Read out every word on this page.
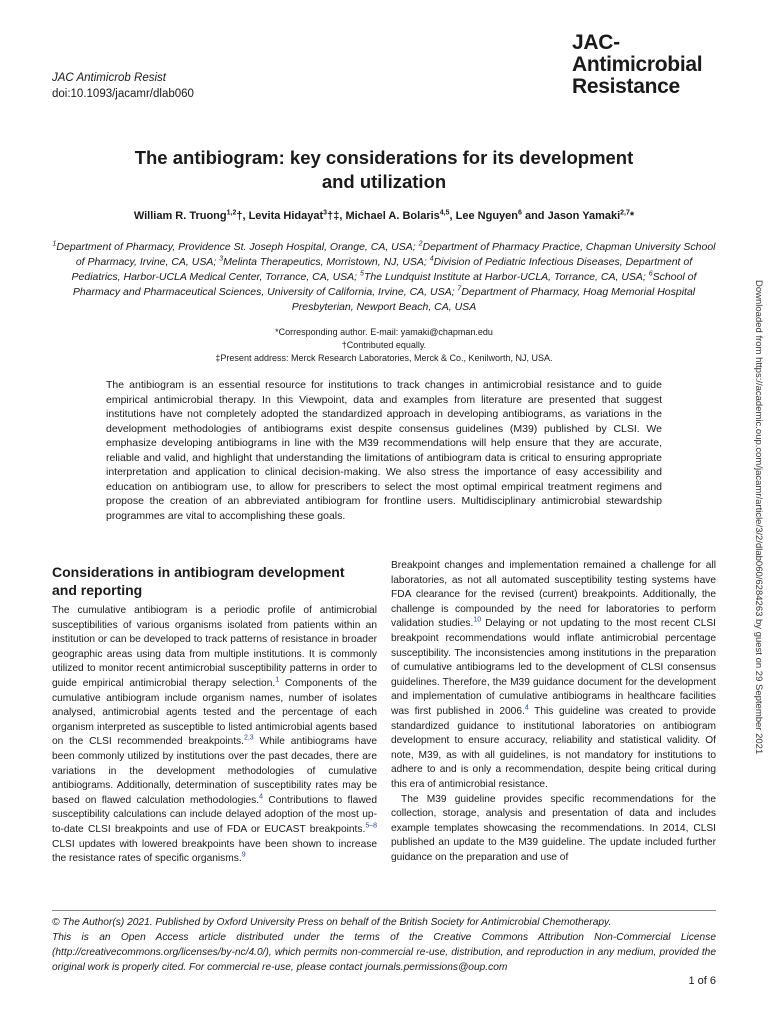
JAC Antimicrob Resist
doi:10.1093/jacamr/dlab060
JAC-
Antimicrobial
Resistance
Downloaded from https://academic.oup.com/jacamr/article/3/2/dlab060/6284263 by guest on 29 September 2021
The antibiogram: key considerations for its development
and utilization
William R. Truong$^{1,2}$†, Levita Hidayat$^3$†‡, Michael A. Bolaris$^{4,5}$, Lee Nguyen$^6$ and Jason Yamaki$^{2,7}$*
$^1$Department of Pharmacy, Providence St. Joseph Hospital, Orange, CA, USA; $^2$Department of Pharmacy Practice, Chapman University School of Pharmacy, Irvine, CA, USA; $^3$Melinta Therapeutics, Morristown, NJ, USA; $^4$Division of Pediatric Infectious Diseases, Department of Pediatrics, Harbor-UCLA Medical Center, Torrance, CA, USA; $^5$The Lundquist Institute at Harbor-UCLA, Torrance, CA, USA; $^6$School of Pharmacy and Pharmaceutical Sciences, University of California, Irvine, CA, USA; $^7$Department of Pharmacy, Hoag Memorial Hospital Presbyterian, Newport Beach, CA, USA
*Corresponding author. E-mail: yamaki@chapman.edu
†Contributed equally.
‡Present address: Merck Research Laboratories, Merck & Co., Kenilworth, NJ, USA.
The antibiogram is an essential resource for institutions to track changes in antimicrobial resistance and to guide empirical antimicrobial therapy. In this Viewpoint, data and examples from literature are presented that suggest institutions have not completely adopted the standardized approach in developing antibiograms, as variations in the development methodologies of antibiograms exist despite consensus guidelines (M39) published by CLSI. We emphasize developing antibiograms in line with the M39 recommendations will help ensure that they are accurate, reliable and valid, and highlight that understanding the limitations of antibiogram data is critical to ensuring appropriate interpretation and application to clinical decision-making. We also stress the importance of easy accessibility and education on antibiogram use, to allow for prescribers to select the most optimal empirical treatment regimens and propose the creation of an abbreviated antibiogram for frontline users. Multidisciplinary antimicrobial stewardship programmes are vital to accomplishing these goals.
Considerations in antibiogram development and reporting

The cumulative antibiogram is a periodic profile of antimicrobial susceptibilities of various organisms isolated from patients within an institution or can be developed to track patterns of resistance in broader geographic areas using data from multiple institutions. It is commonly utilized to monitor recent antimicrobial susceptibility patterns in order to guide empirical antimicrobial therapy selection.$^1$ Components of the cumulative antibiogram include organism names, number of isolates analysed, antimicrobial agents tested and the percentage of each organism interpreted as susceptible to listed antimicrobial agents based on the CLSI recommended breakpoints.$^{2,3}$ While antibiograms have been commonly utilized by institutions over the past decades, there are variations in the development methodologies of cumulative antibiograms. Additionally, determination of susceptibility rates may be based on flawed calculation methodologies.$^4$ Contributions to flawed susceptibility calculations can include delayed adoption of the most up-to-date CLSI breakpoints and use of FDA or EUCAST breakpoints.$^{5-8}$ CLSI updates with lowered breakpoints have been shown to increase the resistance rates of specific organisms.$^9$

Breakpoint changes and implementation remained a challenge for all laboratories, as not all automated susceptibility testing systems have FDA clearance for the revised (current) breakpoints. Additionally, the challenge is compounded by the need for laboratories to perform validation studies.$^{10}$ Delaying or not updating to the most recent CLSI breakpoint recommendations would inflate antimicrobial percentage susceptibility. The inconsistencies among institutions in the preparation of cumulative antibiograms led to the development of CLSI consensus guidelines. Therefore, the M39 guidance document for the development and implementation of cumulative antibiograms in healthcare facilities was first published in 2006.$^4$ This guideline was created to provide standardized guidance to institutional laboratories on antibiogram development to ensure accuracy, reliability and statistical validity. Of note, M39, as with all guidelines, is not mandatory for institutions to adhere to and is only a recommendation, despite being critical during this era of antimicrobial resistance.

The M39 guideline provides specific recommendations for the collection, storage, analysis and presentation of data and includes example templates showcasing the recommendations. In 2014, CLSI published an update to the M39 guideline. The update included further guidance on the preparation and use of

© The Author(s) 2021. Published by Oxford University Press on behalf of the British Society for Antimicrobial Chemotherapy.
This is an Open Access article distributed under the terms of the Creative Commons Attribution Non-Commercial License (http://creativecommons.org/licenses/by-nc/4.0/), which permits non-commercial re-use, distribution, and reproduction in any medium, provided the original work is properly cited. For commercial re-use, please contact journals.permissions@oup.com
1 of 6
